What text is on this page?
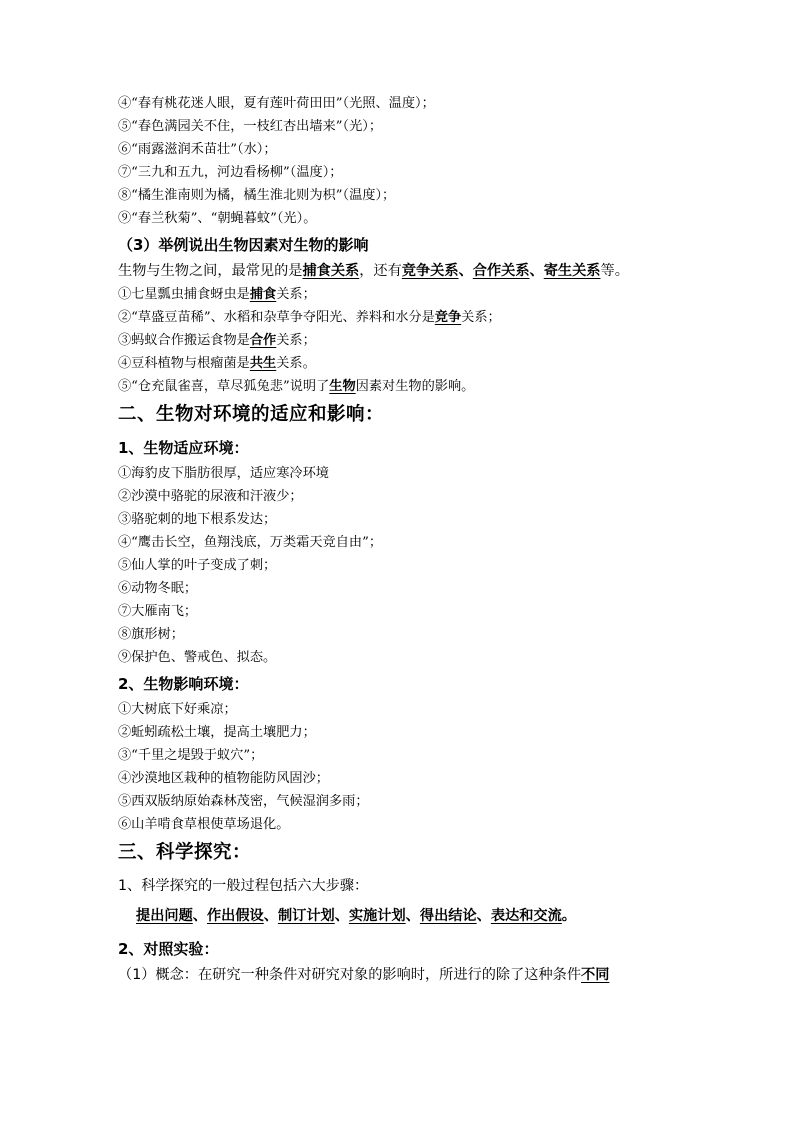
④“春有桃花迷人眼，夏有莲叶荷田田”（光照、温度）；
⑤“春色满园关不住，一枝红杏出墙来”（光）；
⑥“雨露滋润禾苗壮”（水）；
⑦“三九和五九，河边看杨柳”（温度）；
⑧“橘生淮南则为橘，橘生淮北则为枳”（温度）；
⑨“春兰秋菊”、“朝蝇暮蚊”（光）。
（3）举例说出生物因素对生物的影响
生物与生物之间，最常见的是捕食关系，还有竞争关系、合作关系、寄生关系等。
①七星瓢虫捕食蚜虫是捕食关系；
②“草盛豆苗稀”、水稻和杂草争夺阳光、养料和水分是竞争关系；
③蚂蚁合作搬运食物是合作关系；
④豆科植物与根瘤菌是共生关系。
⑤“仓充鼠雀喜，草尽狐兔悲”说明了生物因素对生物的影响。
二、生物对环境的适应和影响：
1、生物适应环境：
①海豹皮下脂肪很厚，适应寒冷环境
②沙漠中骆驼的尿液和汗液少；
③骆驼刺的地下根系发达；
④“鹰击长空，鱼翔浅底，万类霜天竞自由”；
⑤仙人掌的叶子变成了刺；
⑥动物冬眠；
⑦大雁南飞；
⑧旗形树；
⑨保护色、警戒色、拟态。
2、生物影响环境：
①大树底下好乘凉；
②蚯蚓疏松土壤，提高土壤肥力；
③“千里之堤毁于蚁穴”；
④沙漠地区栽种的植物能防风固沙；
⑤西双版纳原始森林茂密，气候湿润多雨；
⑥山羊啃食草根使草场退化。
三、科学探究：
1、科学探究的一般过程包括六大步骤：
提出问题、作出假设、制订计划、实施计划、得出结论、表达和交流。
2、对照实验：
（1）概念：在研究一种条件对研究对象的影响时，所进行的除了这种条件不同
